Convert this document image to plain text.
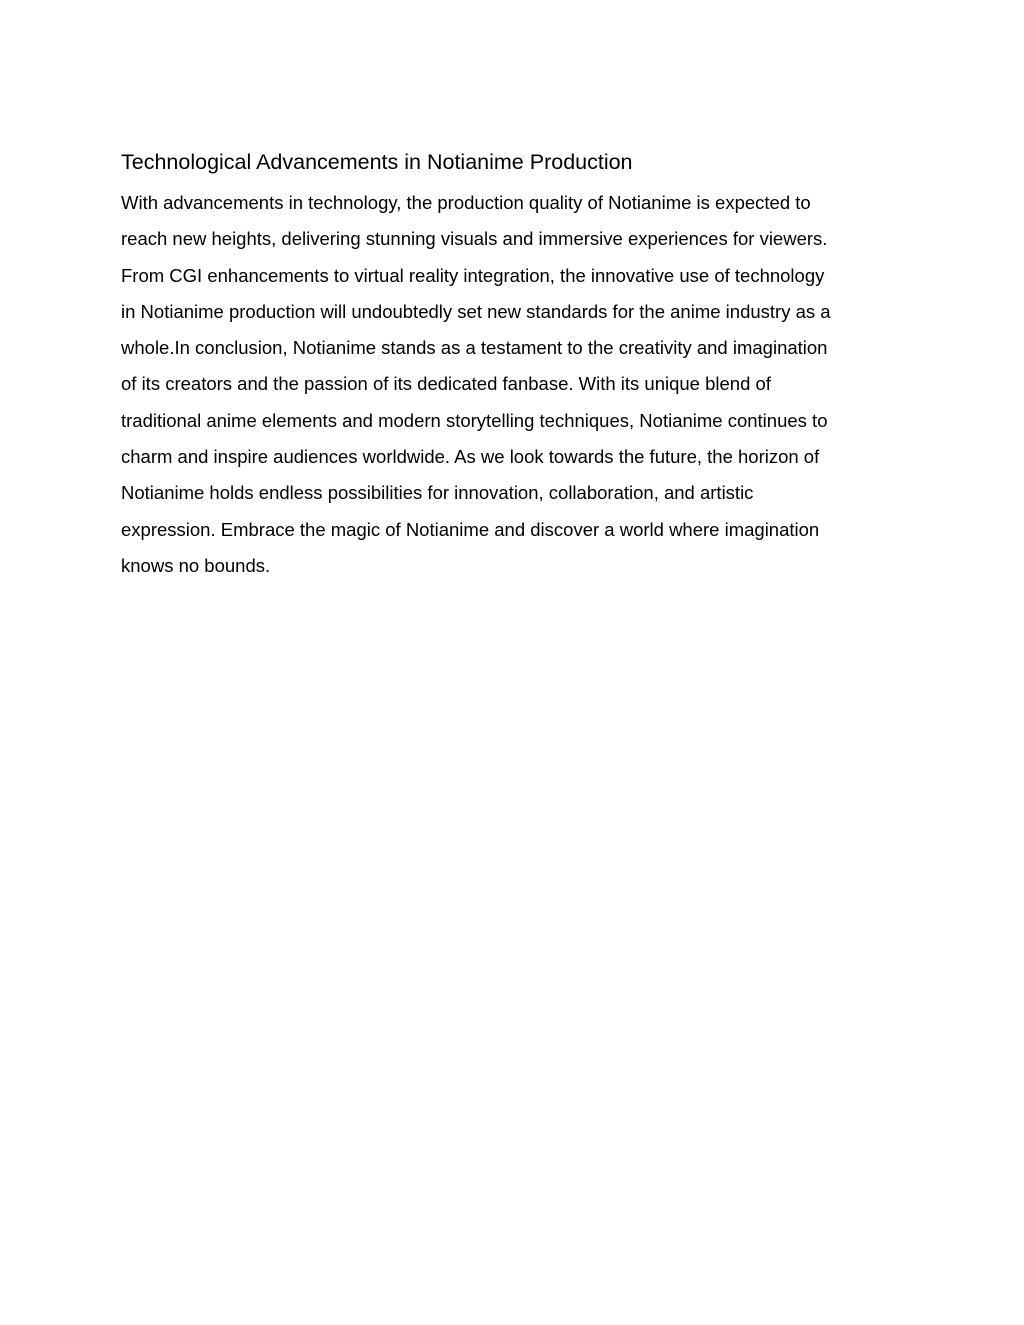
Technological Advancements in Notianime Production
With advancements in technology, the production quality of Notianime is expected to
reach new heights, delivering stunning visuals and immersive experiences for viewers.
From CGI enhancements to virtual reality integration, the innovative use of technology
in Notianime production will undoubtedly set new standards for the anime industry as a
whole.In conclusion, Notianime stands as a testament to the creativity and imagination
of its creators and the passion of its dedicated fanbase. With its unique blend of
traditional anime elements and modern storytelling techniques, Notianime continues to
charm and inspire audiences worldwide. As we look towards the future, the horizon of
Notianime holds endless possibilities for innovation, collaboration, and artistic
expression. Embrace the magic of Notianime and discover a world where imagination
knows no bounds.
